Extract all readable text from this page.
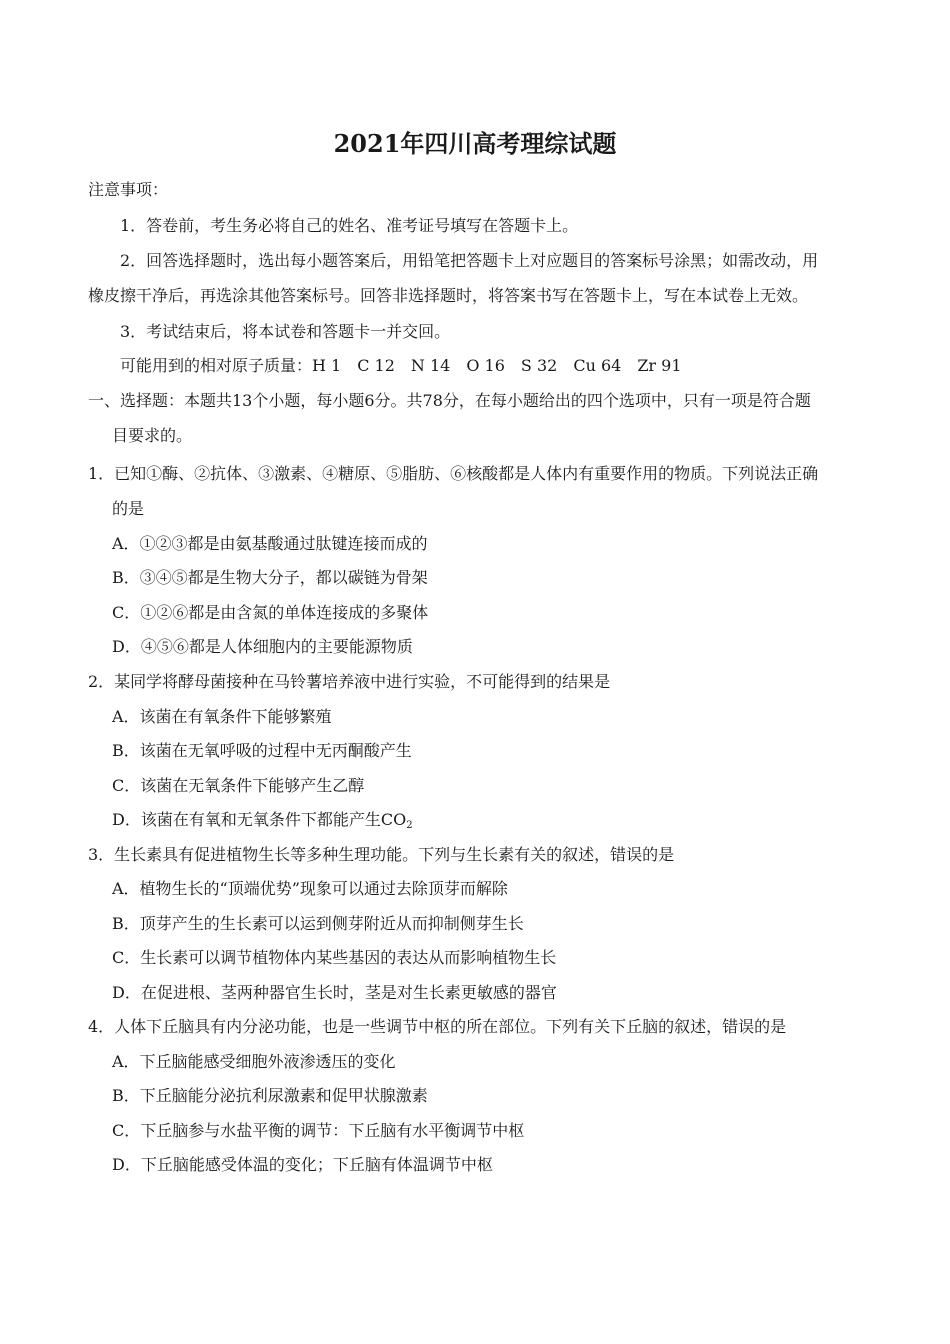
2021年四川高考理综试题
注意事项：
1．答卷前，考生务必将自己的姓名、准考证号填写在答题卡上。
2．回答选择题时，选出每小题答案后，用铅笔把答题卡上对应题目的答案标号涂黑；如需改动，用
橡皮擦干净后，再选涂其他答案标号。回答非选择题时，将答案书写在答题卡上，写在本试卷上无效。
3．考试结束后，将本试卷和答题卡一并交回。
可能用到的相对原子质量：H 1　C 12　N 14　O 16　S 32　Cu 64　Zr 91
一、选择题：本题共13个小题，每小题6分。共78分，在每小题给出的四个选项中，只有一项是符合题
目要求的。
1．已知①酶、②抗体、③激素、④糖原、⑤脂肪、⑥核酸都是人体内有重要作用的物质。下列说法正确
的是
A．①②③都是由氨基酸通过肽键连接而成的
B．③④⑤都是生物大分子，都以碳链为骨架
C．①②⑥都是由含氮的单体连接成的多聚体
D．④⑤⑥都是人体细胞内的主要能源物质
2．某同学将酵母菌接种在马铃薯培养液中进行实验，不可能得到的结果是
A．该菌在有氧条件下能够繁殖
B．该菌在无氧呼吸的过程中无丙酮酸产生
C．该菌在无氧条件下能够产生乙醇
D．该菌在有氧和无氧条件下都能产生$CO_2$
3．生长素具有促进植物生长等多种生理功能。下列与生长素有关的叙述，错误的是
A．植物生长的“顶端优势”现象可以通过去除顶芽而解除
B．顶芽产生的生长素可以运到侧芽附近从而抑制侧芽生长
C．生长素可以调节植物体内某些基因的表达从而影响植物生长
D．在促进根、茎两种器官生长时，茎是对生长素更敏感的器官
4．人体下丘脑具有内分泌功能，也是一些调节中枢的所在部位。下列有关下丘脑的叙述，错误的是
A．下丘脑能感受细胞外液渗透压的变化
B．下丘脑能分泌抗利尿激素和促甲状腺激素
C．下丘脑参与水盐平衡的调节：下丘脑有水平衡调节中枢
D．下丘脑能感受体温的变化；下丘脑有体温调节中枢
